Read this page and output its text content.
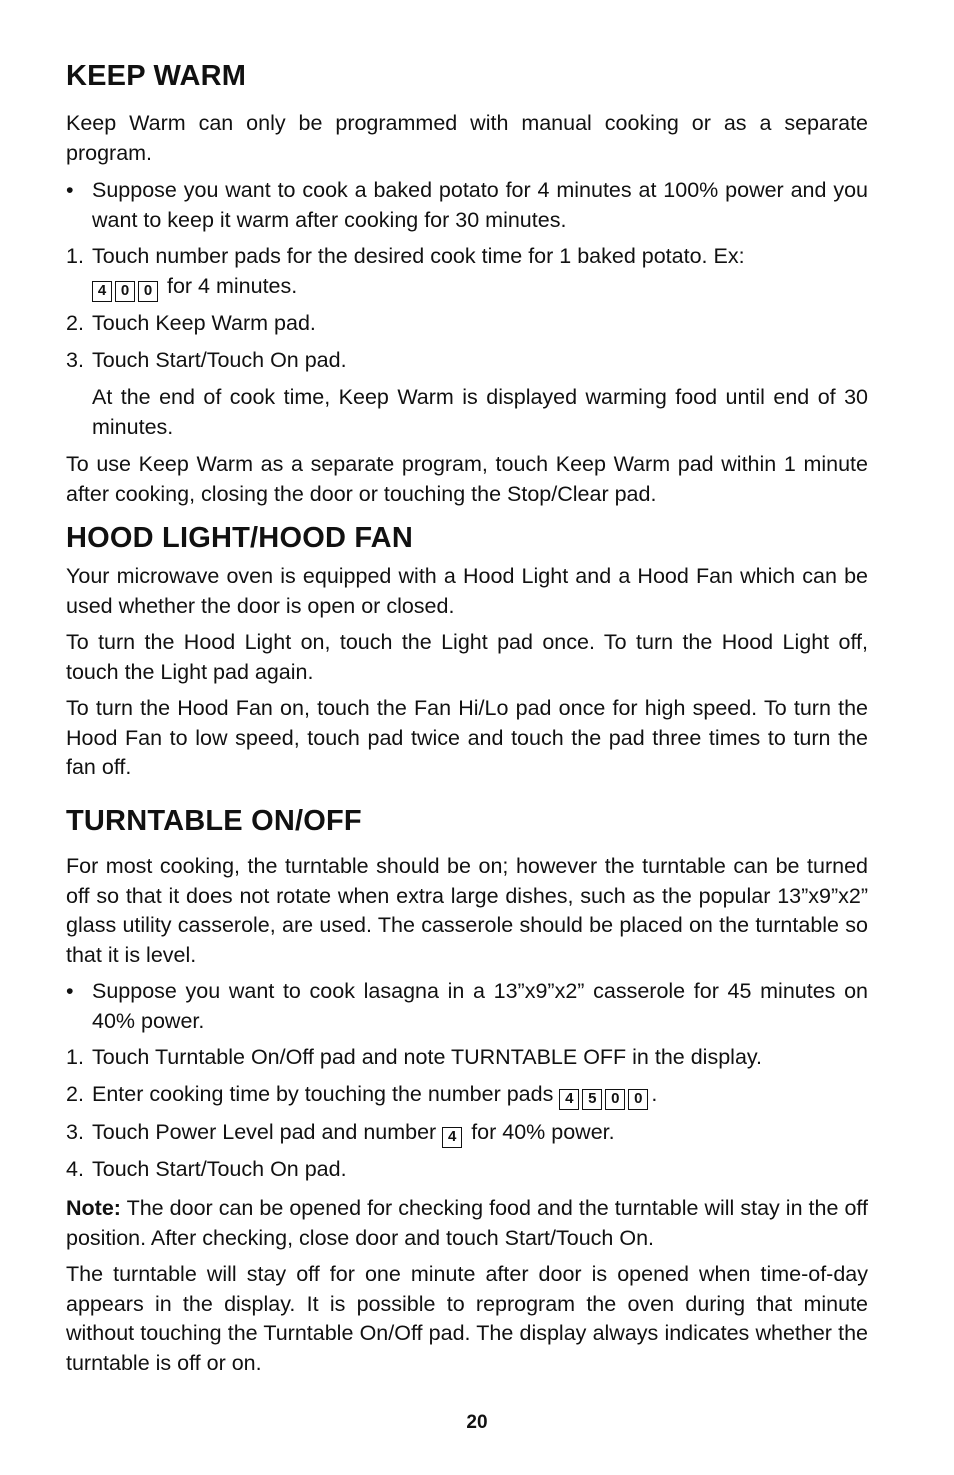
KEEP WARM

Keep Warm can only be programmed with manual cooking or as a separate program.

• Suppose you want to cook a baked potato for 4 minutes at 100% power and you want to keep it warm after cooking for 30 minutes.

1. Touch number pads for the desired cook time for 1 baked potato. Ex:
4 0 0 for 4 minutes.

2. Touch Keep Warm pad.

3. Touch Start/Touch On pad.

At the end of cook time, Keep Warm is displayed warming food until end of 30 minutes.

To use Keep Warm as a separate program, touch Keep Warm pad within 1 minute after cooking, closing the door or touching the Stop/Clear pad.

HOOD LIGHT/HOOD FAN

Your microwave oven is equipped with a Hood Light and a Hood Fan which can be used whether the door is open or closed.

To turn the Hood Light on, touch the Light pad once. To turn the Hood Light off, touch the Light pad again.

To turn the Hood Fan on, touch the Fan Hi/Lo pad once for high speed. To turn the Hood Fan to low speed, touch pad twice and touch the pad three times to turn the fan off.

TURNTABLE ON/OFF

For most cooking, the turntable should be on; however the turntable can be turned off so that it does not rotate when extra large dishes, such as the popular 13”x9”x2” glass utility casserole, are used. The casserole should be placed on the turntable so that it is level.

• Suppose you want to cook lasagna in a 13”x9”x2” casserole for 45 minutes on 40% power.

1. Touch Turntable On/Off pad and note TURNTABLE OFF in the display.

2. Enter cooking time by touching the number pads 4 5 0 0 .

3. Touch Power Level pad and number 4 for 40% power.

4. Touch Start/Touch On pad.

Note: The door can be opened for checking food and the turntable will stay in the off position. After checking, close door and touch Start/Touch On.

The turntable will stay off for one minute after door is opened when time-of-day appears in the display. It is possible to reprogram the oven during that minute without touching the Turntable On/Off pad. The display always indicates whether the turntable is off or on.

20
